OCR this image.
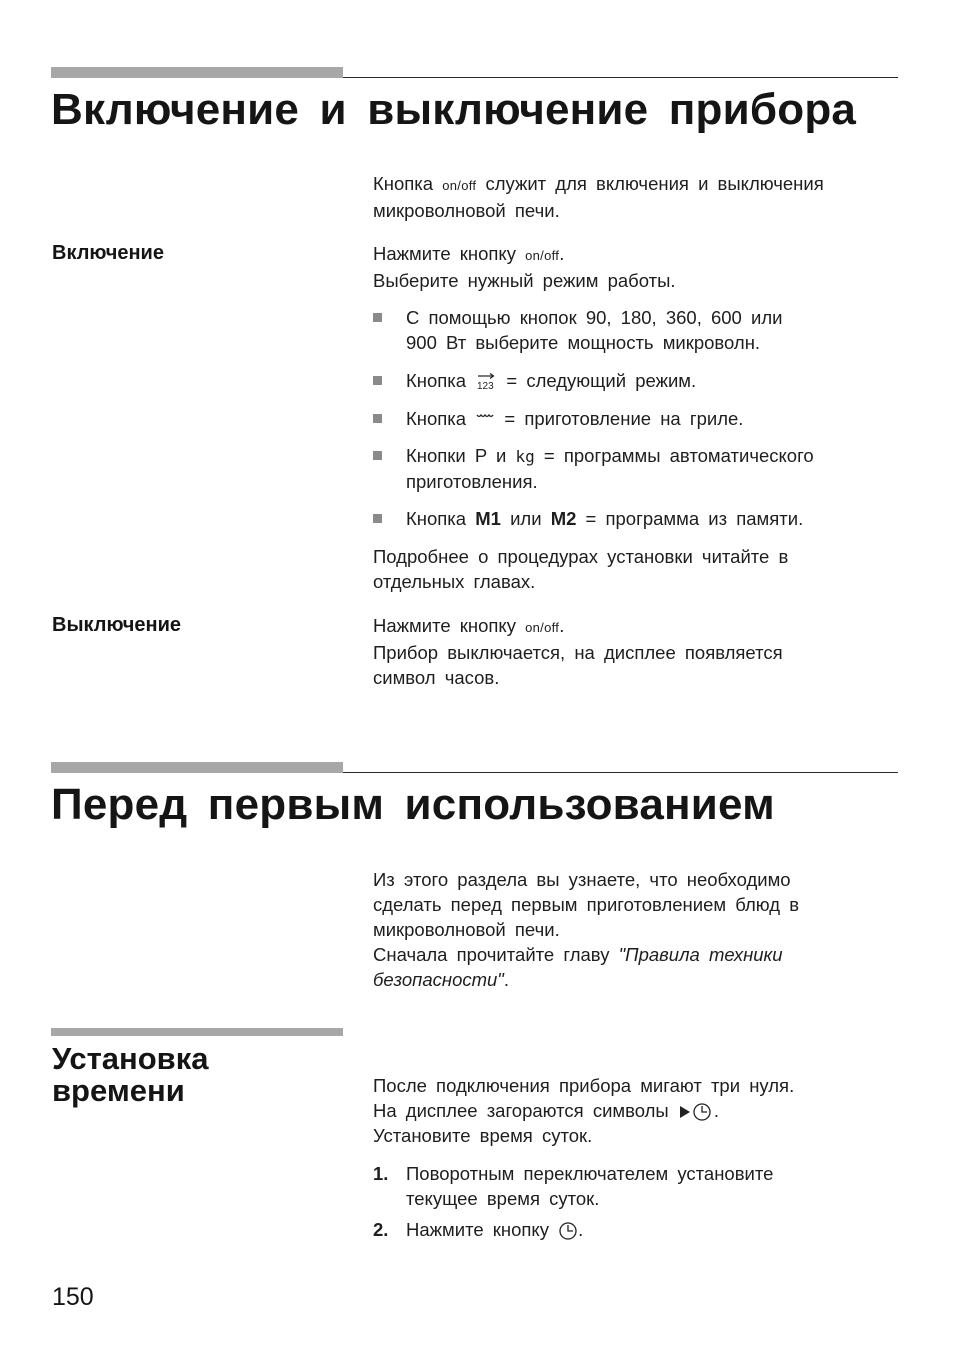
Включение и выключение прибора
Кнопка on/off служит для включения и выключения
микроволновой печи.
Включение	Нажмите кнопку on/off.
Выберите нужный режим работы.
С помощью кнопок 90, 180, 360, 600 или
900 Вт выберите мощность микроволн.
Кнопка 123 = следующий режим.
Кнопка = приготовление на гриле.
Кнопки P и kg = программы автоматического
приготовления.
Кнопка M1 или M2 = программа из памяти.
Подробнее о процедурах установки читайте в
отдельных главах.
Выключение	Нажмите кнопку on/off.
Прибор выключается, на дисплее появляется
символ часов.
Перед первым использованием
Из этого раздела вы узнаете, что необходимо
сделать перед первым приготовлением блюд в
микроволновой печи.
Сначала прочитайте главу "Правила техники
безопасности".
Установка
времени	После подключения прибора мигают три нуля.
На дисплее загораются символы .
Установите время суток.
1. Поворотным переключателем установите
текущее время суток.
2. Нажмите кнопку .
150
